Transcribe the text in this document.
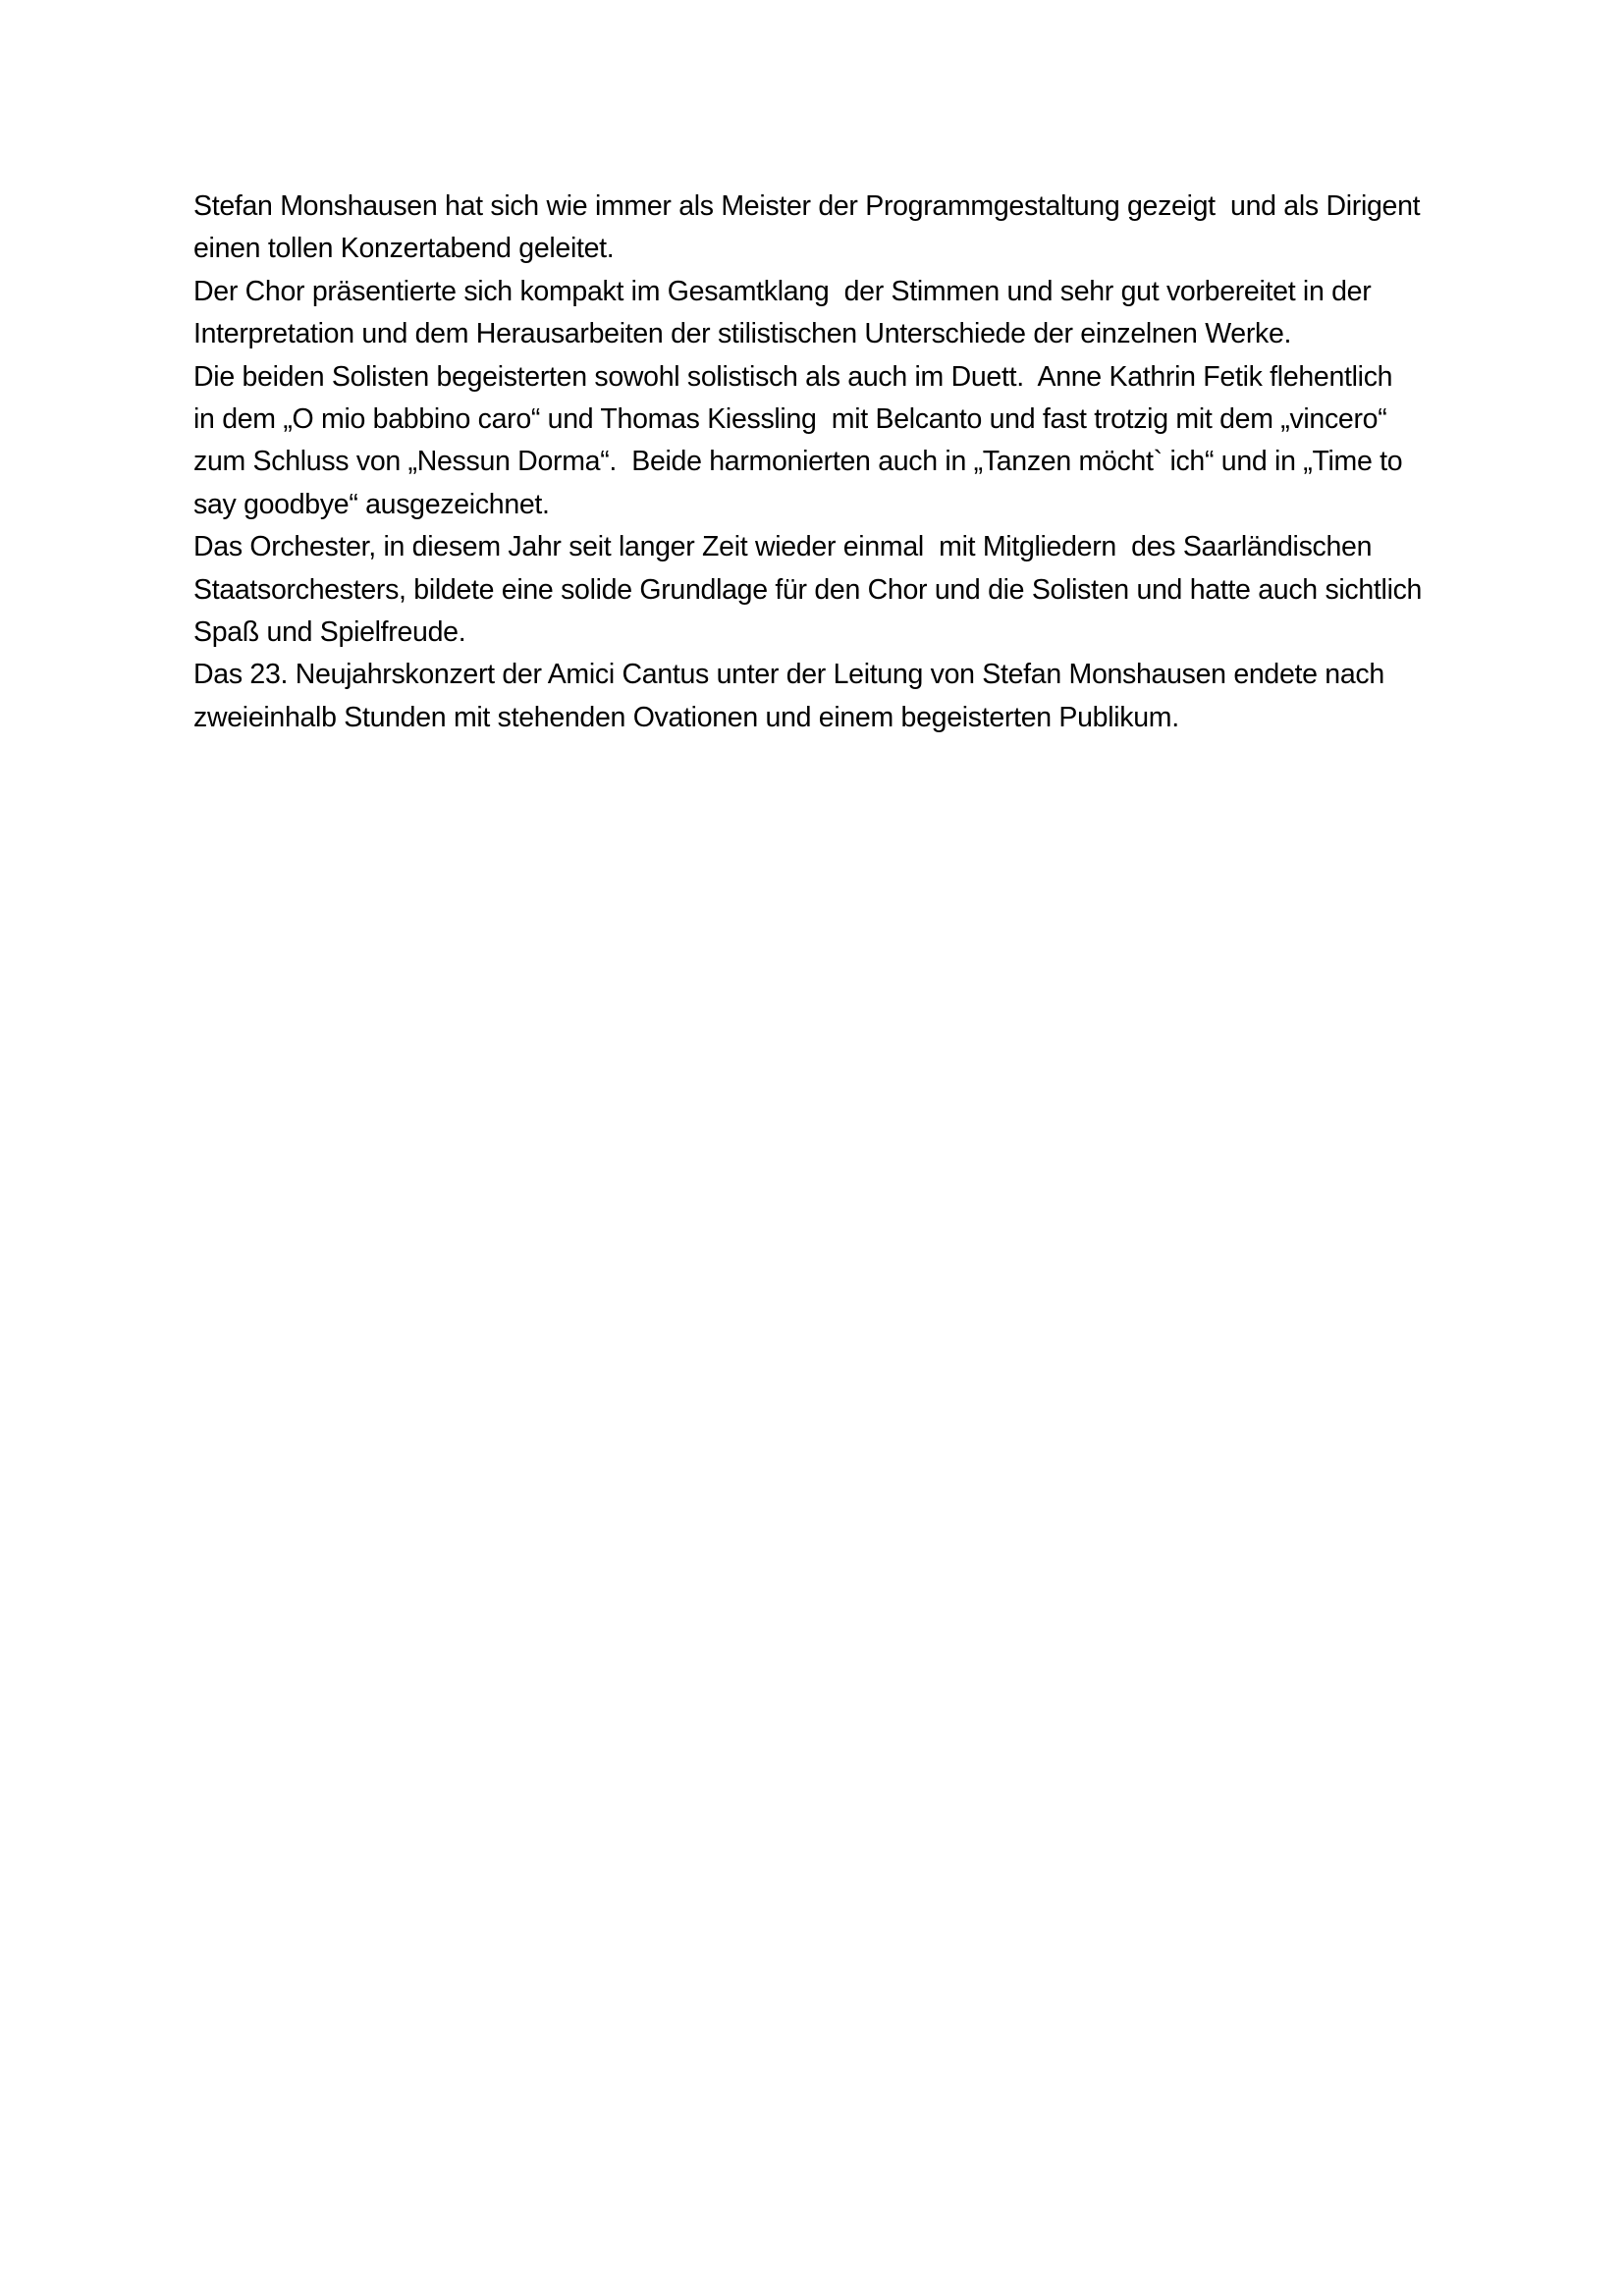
Stefan Monshausen hat sich wie immer als Meister der Programmgestaltung gezeigt  und als Dirigent
einen tollen Konzertabend geleitet.
Der Chor präsentierte sich kompakt im Gesamtklang  der Stimmen und sehr gut vorbereitet in der
Interpretation und dem Herausarbeiten der stilistischen Unterschiede der einzelnen Werke.
Die beiden Solisten begeisterten sowohl solistisch als auch im Duett.  Anne Kathrin Fetik flehentlich
in dem „O mio babbino caro“ und Thomas Kiessling  mit Belcanto und fast trotzig mit dem „vincero“
zum Schluss von „Nessun Dorma“.  Beide harmonierten auch in „Tanzen möcht` ich“ und in „Time to
say goodbye“ ausgezeichnet.
Das Orchester, in diesem Jahr seit langer Zeit wieder einmal  mit Mitgliedern  des Saarländischen
Staatsorchesters, bildete eine solide Grundlage für den Chor und die Solisten und hatte auch sichtlich
Spaß und Spielfreude.
Das 23. Neujahrskonzert der Amici Cantus unter der Leitung von Stefan Monshausen endete nach
zweieinhalb Stunden mit stehenden Ovationen und einem begeisterten Publikum.
